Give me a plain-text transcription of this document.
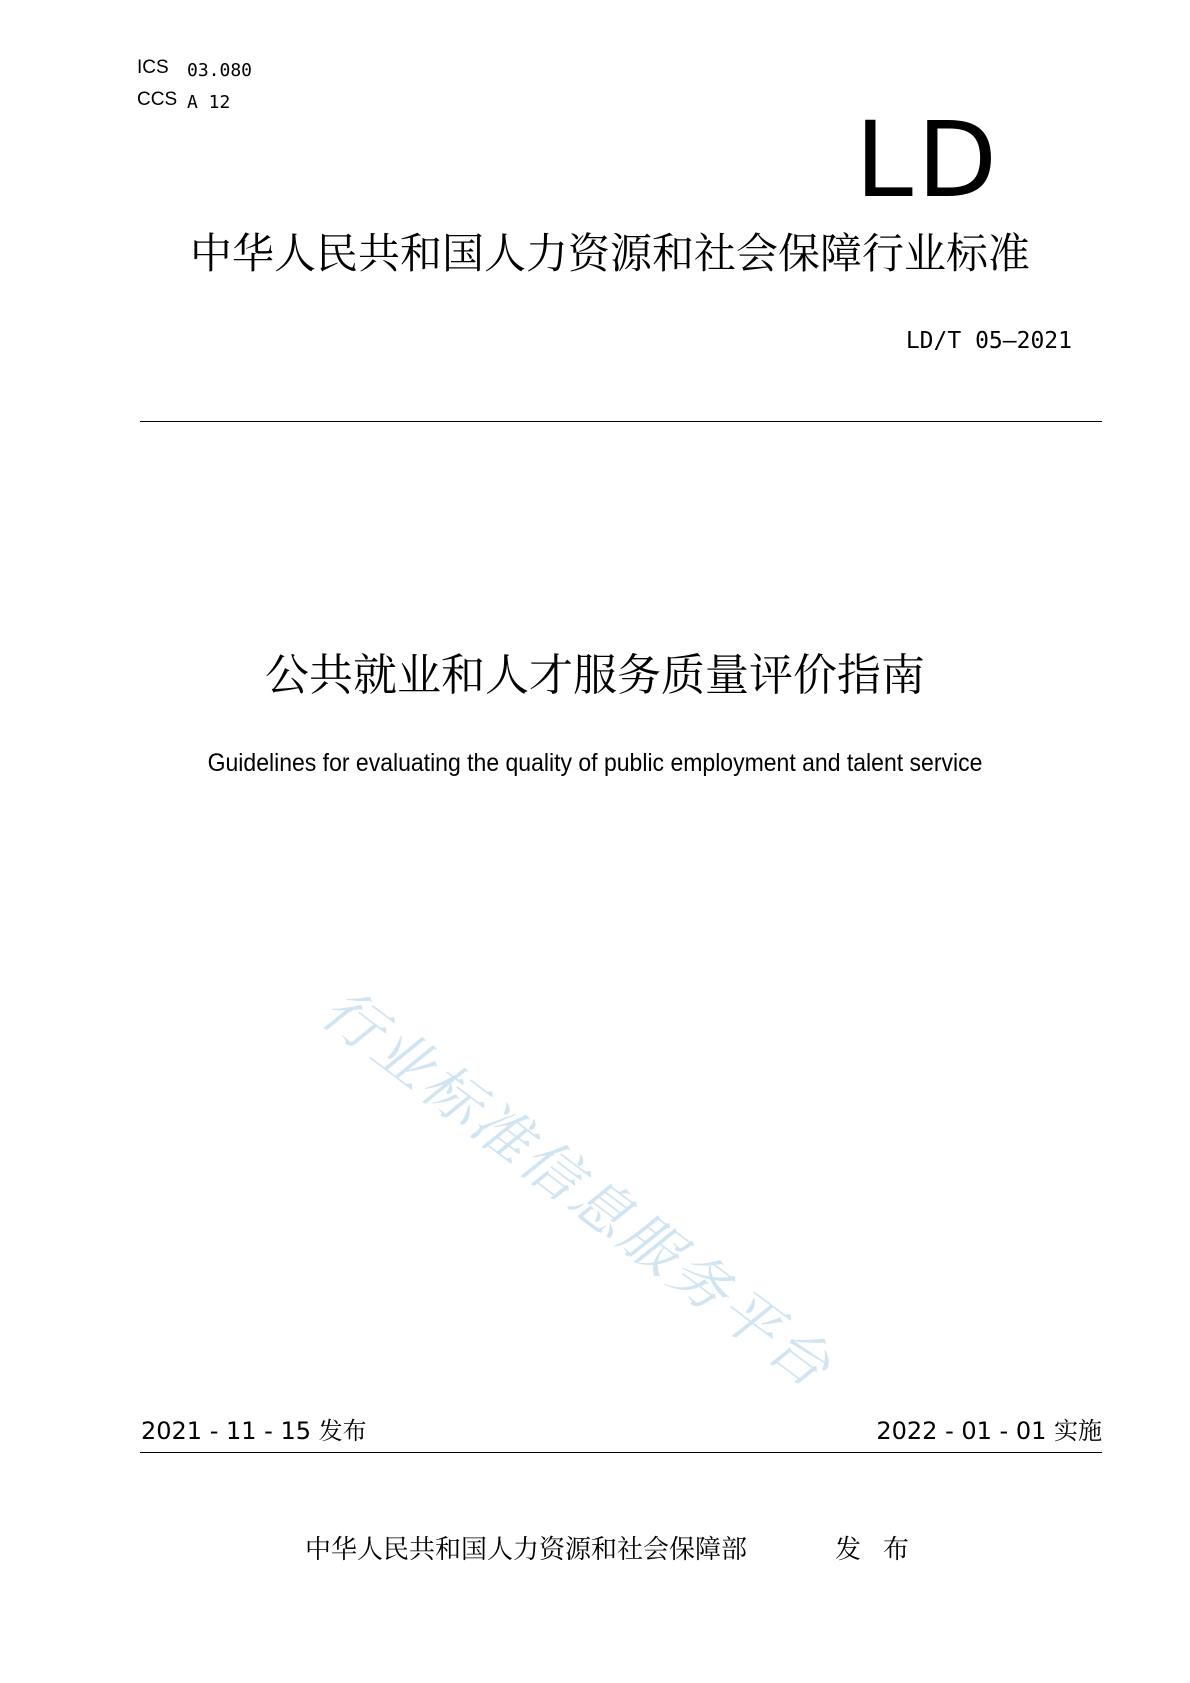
ICS 03.080
CCS A 12	LD
中华人民共和国人力资源和社会保障行业标准
LD/T 05—2021
公共就业和人才服务质量评价指南
Guidelines for evaluating the quality of public employment and talent service
行业标准信息服务平台
2021 - 11 - 15 发布	2022 - 01 - 01 实施
中华人民共和国人力资源和社会保障部	发布
